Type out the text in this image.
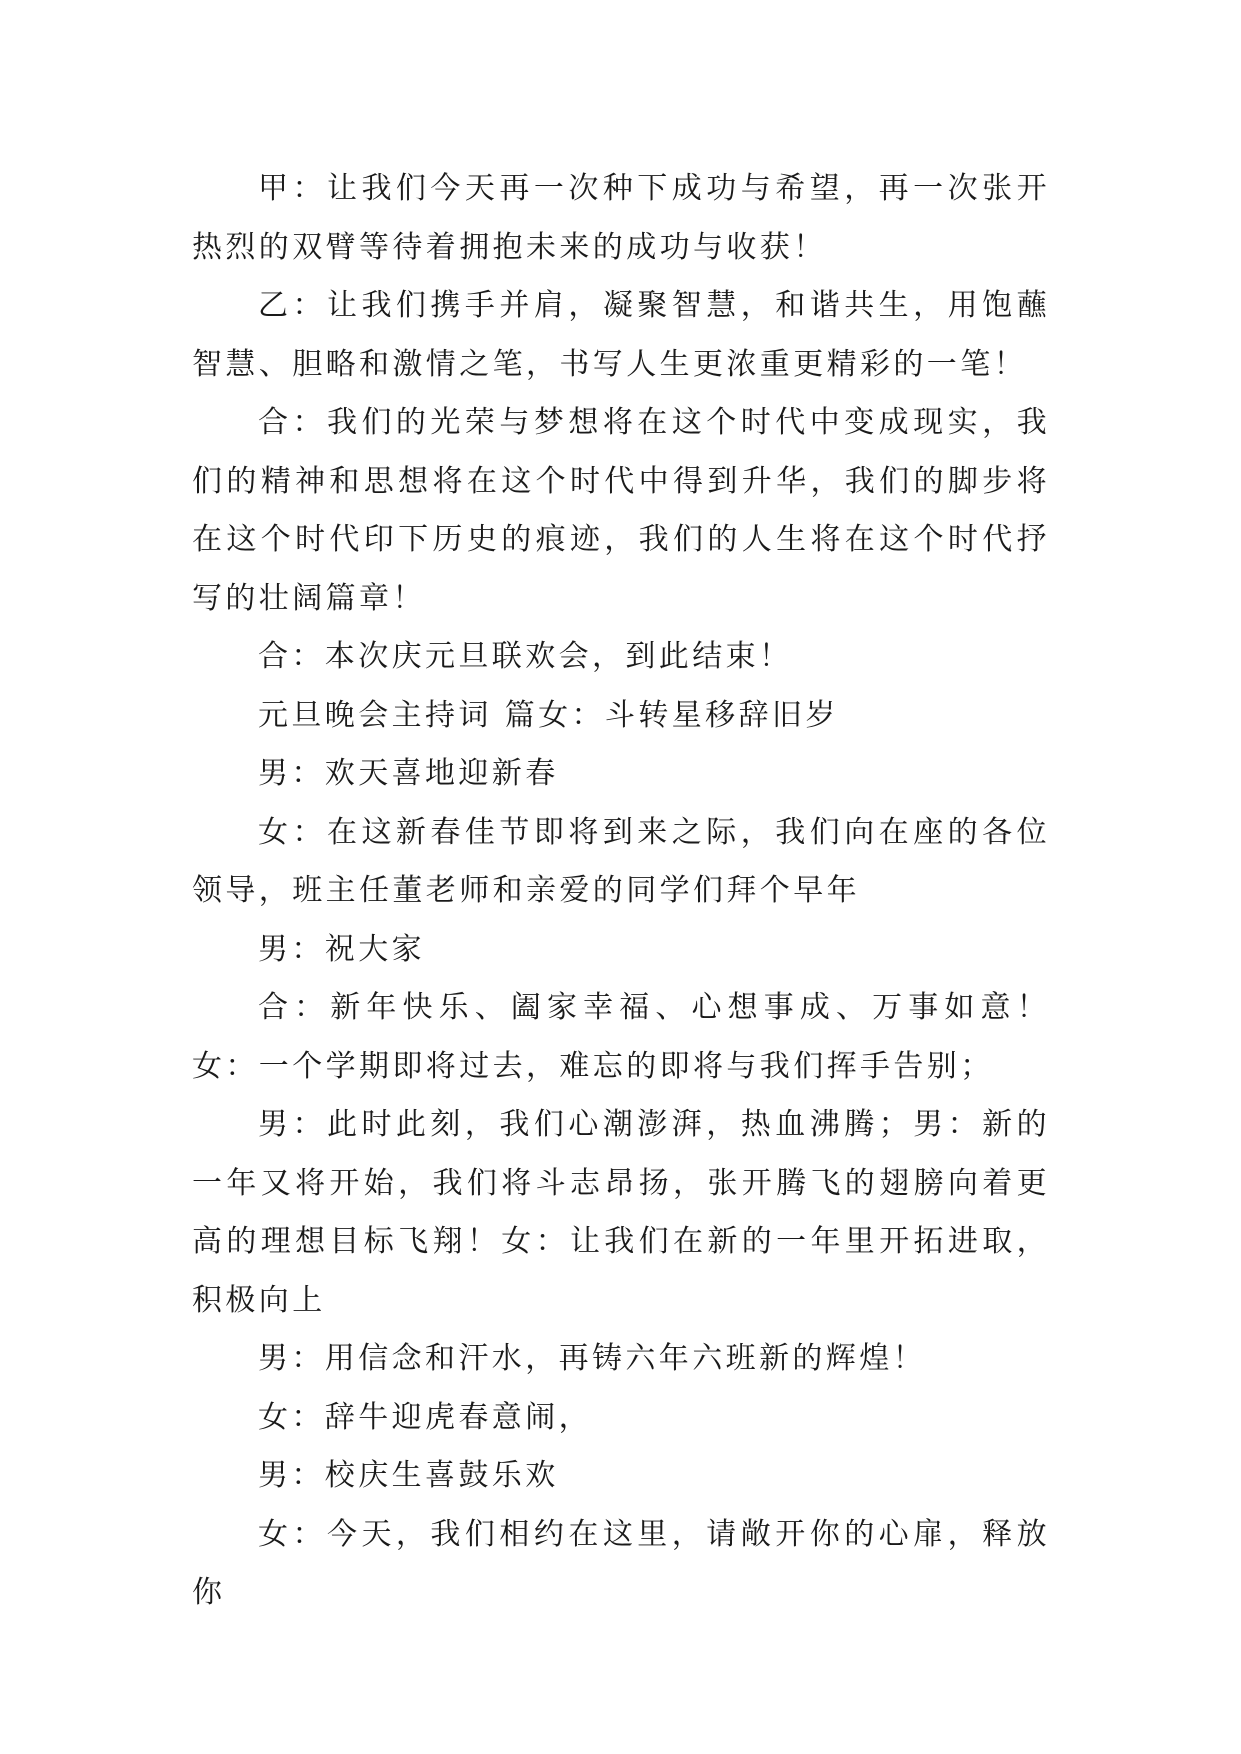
甲：让我们今天再一次种下成功与希望，再一次张开热烈的双臂等待着拥抱未来的成功与收获！

乙：让我们携手并肩，凝聚智慧，和谐共生，用饱蘸智慧、胆略和激情之笔，书写人生更浓重更精彩的一笔！

合：我们的光荣与梦想将在这个时代中变成现实，我们的精神和思想将在这个时代中得到升华，我们的脚步将在这个时代印下历史的痕迹，我们的人生将在这个时代抒写的壮阔篇章！

合：本次庆元旦联欢会，到此结束！

元旦晚会主持词 篇女：斗转星移辞旧岁

男：欢天喜地迎新春

女：在这新春佳节即将到来之际，我们向在座的各位领导，班主任董老师和亲爱的同学们拜个早年

男：祝大家

合：新年快乐、阖家幸福、心想事成、万事如意！女：一个学期即将过去，难忘的即将与我们挥手告别；

男：此时此刻，我们心潮澎湃，热血沸腾；男：新的一年又将开始，我们将斗志昂扬，张开腾飞的翅膀向着更高的理想目标飞翔！女：让我们在新的一年里开拓进取，积极向上

男：用信念和汗水，再铸六年六班新的辉煌！

女：辞牛迎虎春意闹，

男：校庆生喜鼓乐欢

女：今天，我们相约在这里，请敞开你的心扉，释放你
